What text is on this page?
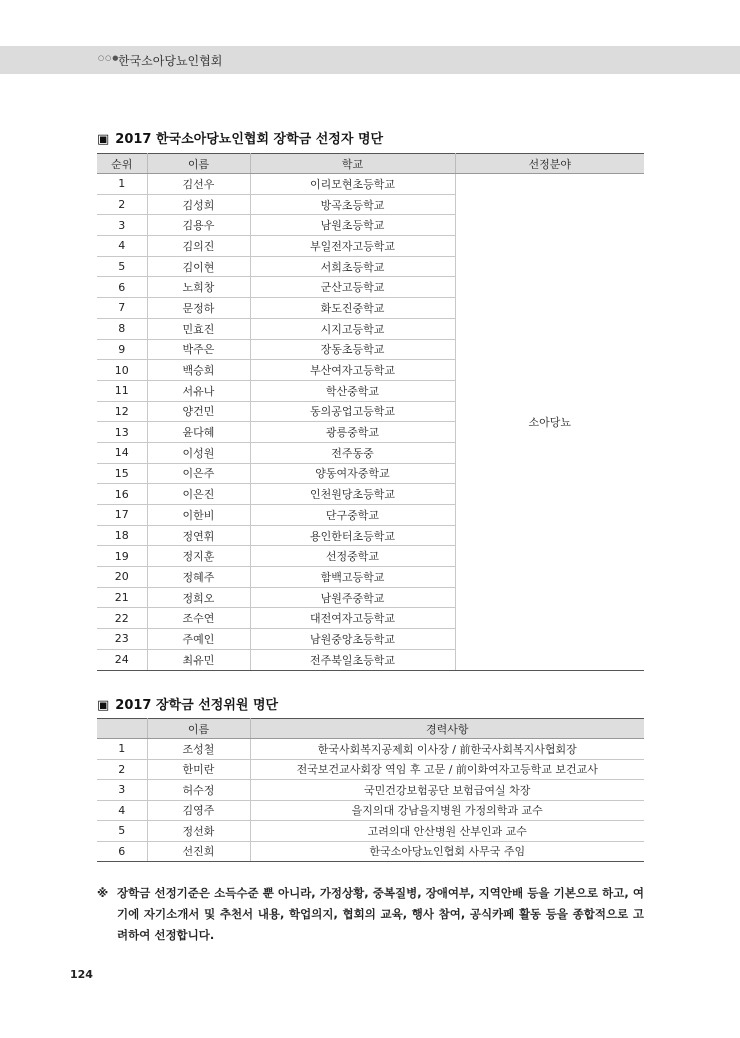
○○●
한국소아당뇨인협회
▣ 2017 한국소아당뇨인협회 장학금 선정자 명단
순위	이름	학교	선정분야
1	김선우	이리모현초등학교	소아당뇨
2	김성희	방곡초등학교	
3	김용우	남원초등학교	
4	김의진	부일전자고등학교	
5	김이현	서희초등학교	
6	노희창	군산고등학교	
7	문정하	화도진중학교	
8	민효진	시지고등학교	
9	박주은	장동초등학교	
10	백승희	부산여자고등학교	
11	서유나	학산중학교	
12	양건민	동의공업고등학교	
13	윤다혜	광릉중학교	
14	이성원	전주동중	
15	이은주	양동여자중학교	
16	이은진	인천원당초등학교	
17	이한비	단구중학교	
18	정연휘	용인한터초등학교	
19	정지훈	선정중학교	
20	정혜주	함백고등학교	
21	정희오	남원주중학교	
22	조수연	대전여자고등학교	
23	주예인	남원중앙초등학교	
24	최유민	전주북일초등학교	
▣ 2017 장학금 선정위원 명단
	이름	경력사항
1	조성철	한국사회복지공제회 이사장 / 前한국사회복지사협회장
2	한미란	전국보건교사회장 역임 후 고문 / 前이화여자고등학교 보건교사
3	허수정	국민건강보험공단 보험급여실 차장
4	김영주	을지의대 강남을지병원 가정의학과 교수
5	정선화	고려의대 안산병원 산부인과 교수
6	선진희	한국소아당뇨인협회 사무국 주임
※ 장학금 선정기준은 소득수준 뿐 아니라, 가정상황, 중복질병, 장애여부, 지역안배 등을 기본으로 하고, 여기에 자기소개서 및 추천서 내용, 학업의지, 협회의 교육, 행사 참여, 공식카페 활동 등을 종합적으로 고려하여 선정합니다.
124
